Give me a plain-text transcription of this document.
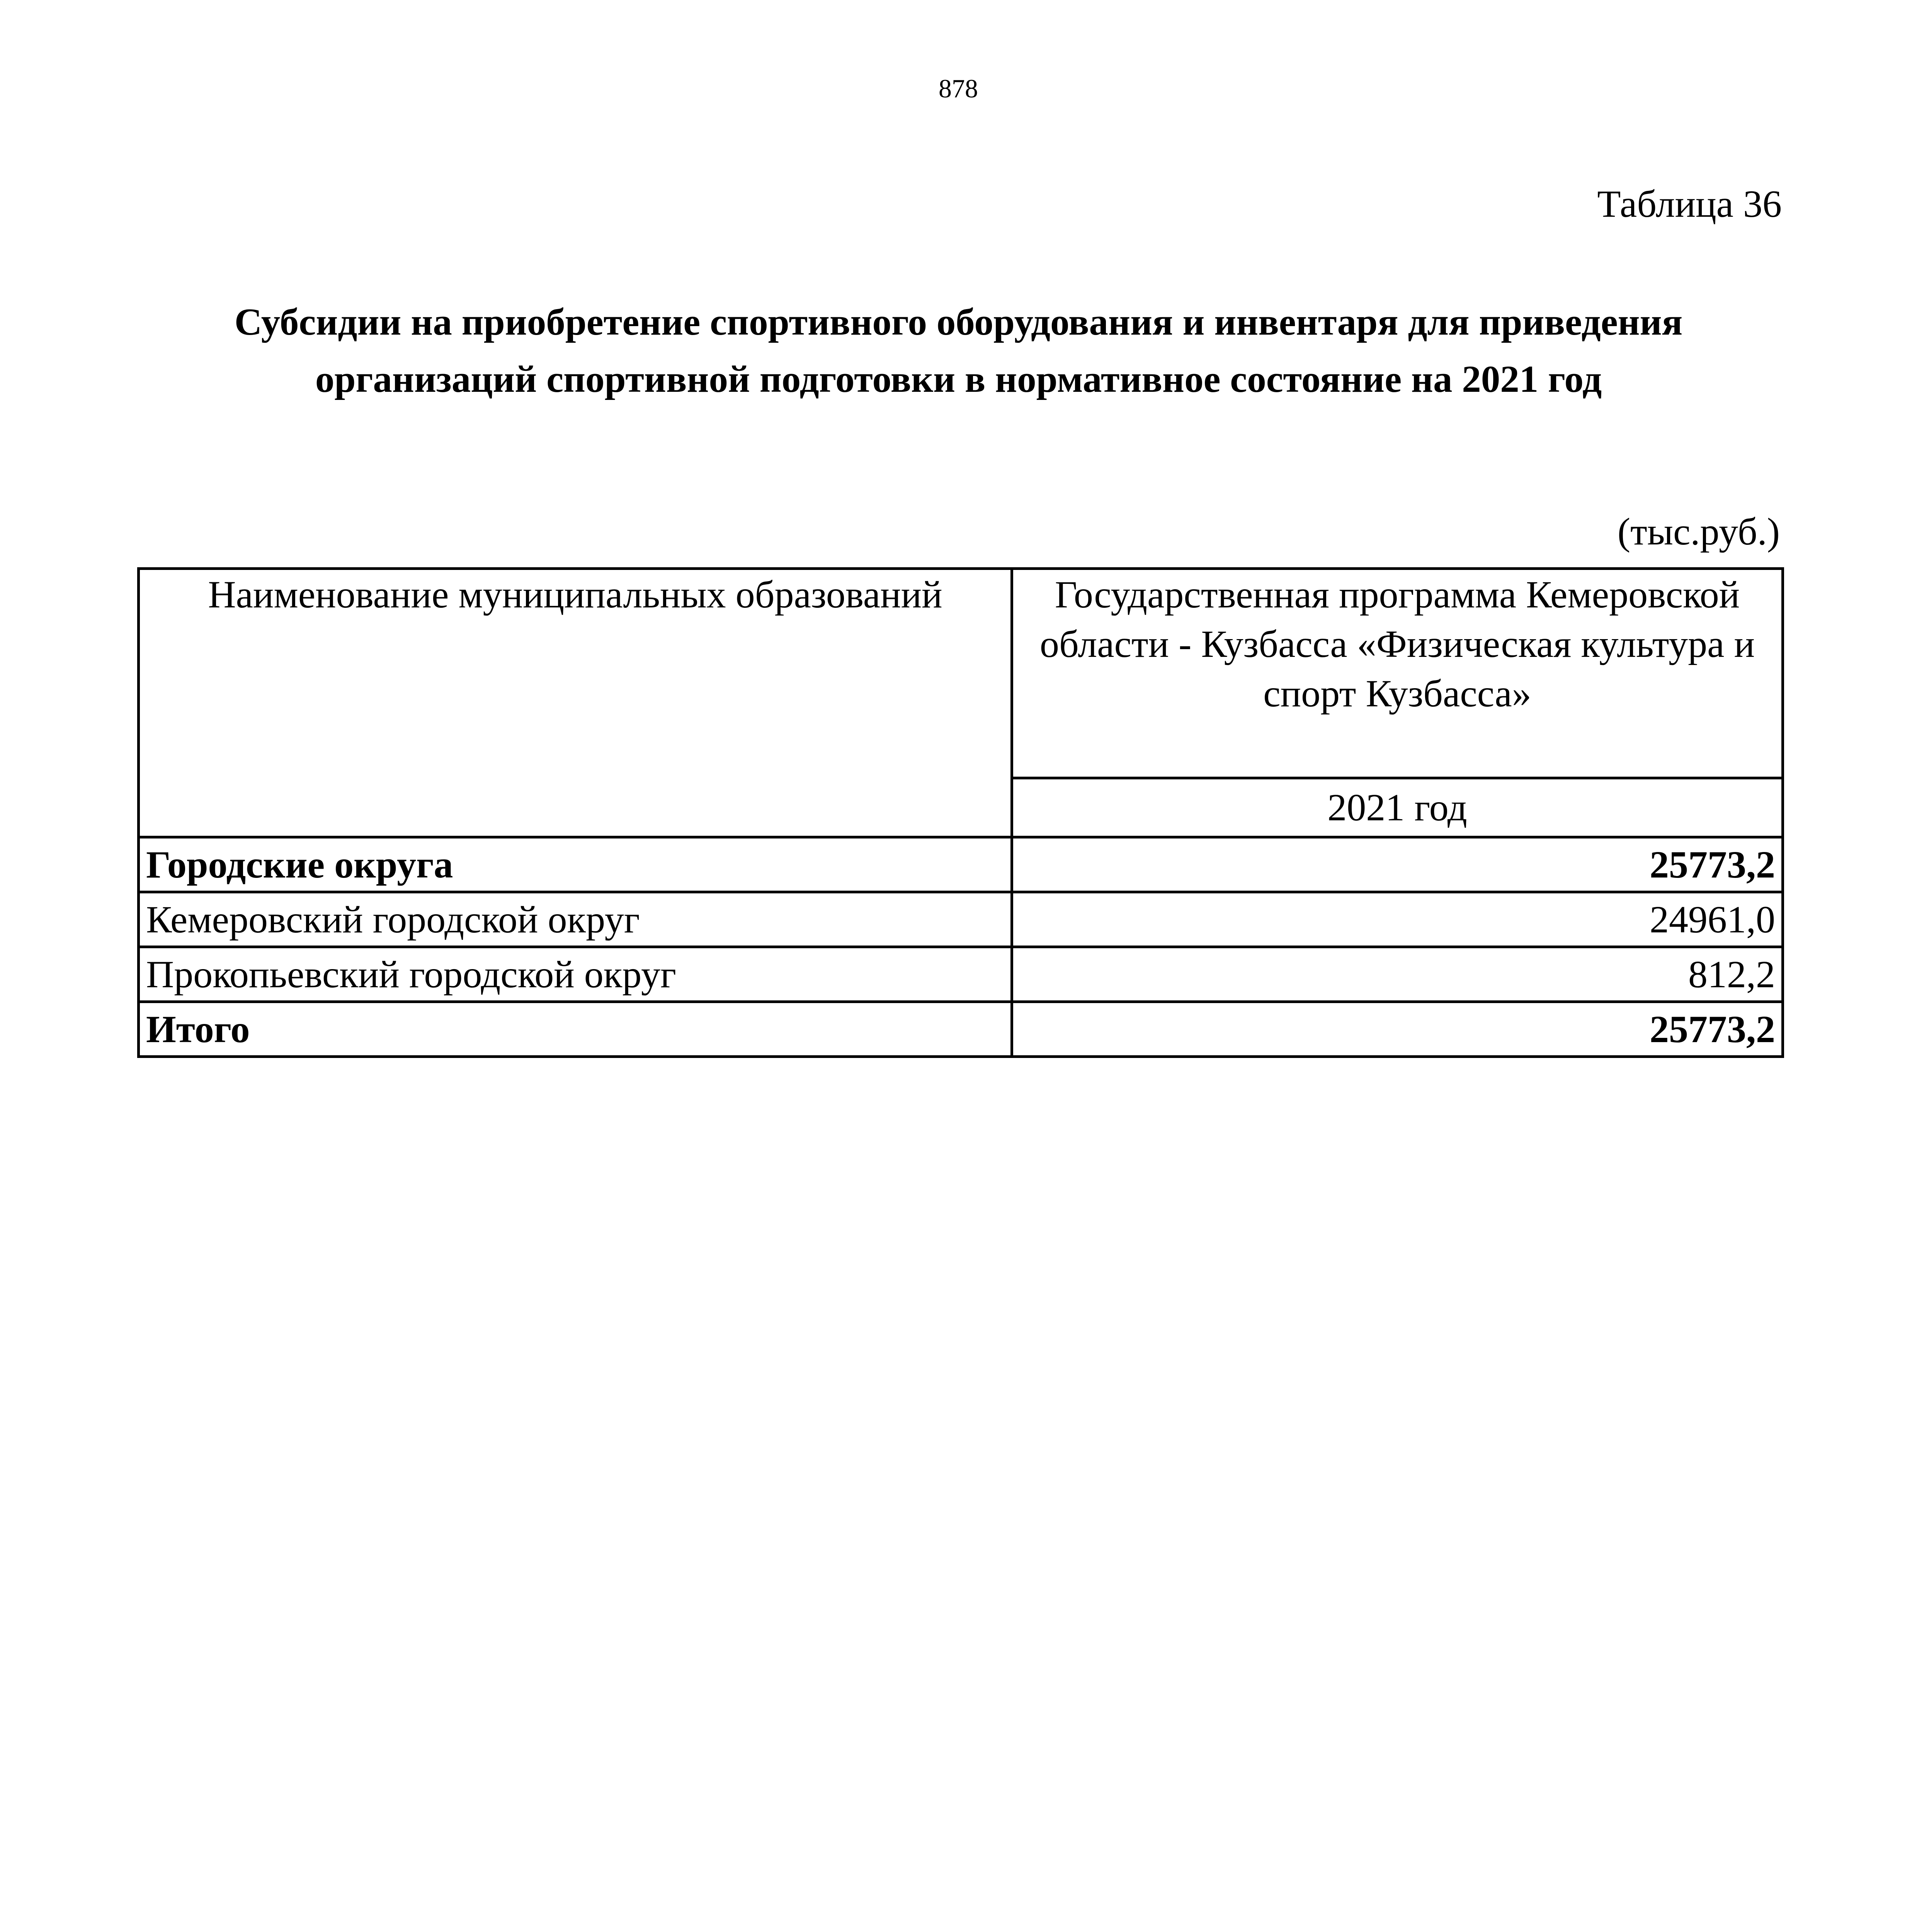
878
Таблица 36
Субсидии на приобретение спортивного оборудования и инвентаря для приведения организаций спортивной подготовки в нормативное состояние на 2021 год
(тыс.руб.)
Наименование муниципальных образований	Государственная программа Кемеровской области - Кузбасса «Физическая культура и спорт Кузбасса»
	2021 год
Городские округа	25773,2
Кемеровский городской округ	24961,0
Прокопьевский городской округ	812,2
Итого	25773,2
